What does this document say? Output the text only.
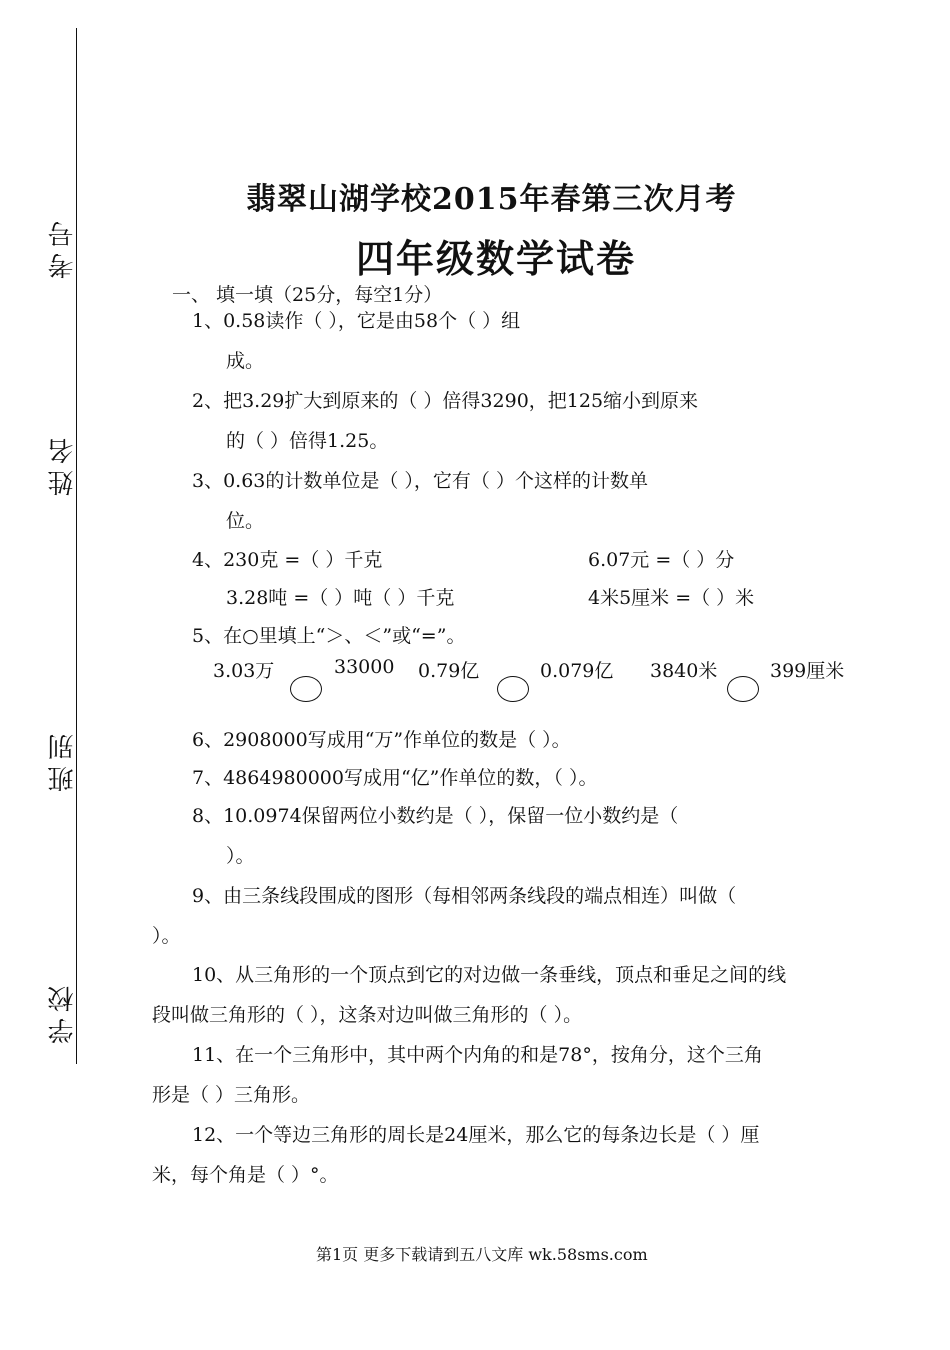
考号
姓名
班别
学校
翡翠山湖学校2015年春第三次月考
四年级数学试卷
一、 填一填（25分，每空1分）
1、0.58读作（ ），它是由58个（ ）组
成。
2、把3.29扩大到原来的（ ）倍得3290，把125缩小到原来
的（ ）倍得1.25。
3、0.63的计数单位是（ ），它有（ ）个这样的计数单
位。
4、230克 =（ ）千克	6.07元 =（ ）分
3.28吨 =（ ）吨（ ）千克	4米5厘米 =（ ）米
5、在○里填上“＞、＜”或“=”。
3.03万	33000 0.79亿	0.079亿 3840米	399厘米
6、2908000写成用“万”作单位的数是（ ）。
7、4864980000写成用“亿”作单位的数，（ ）。
8、10.0974保留两位小数约是（ ），保留一位小数约是（
）。
9、由三条线段围成的图形（每相邻两条线段的端点相连）叫做（
）。
10、从三角形的一个顶点到它的对边做一条垂线，顶点和垂足之间的线
段叫做三角形的（ ），这条对边叫做三角形的（ ）。
11、在一个三角形中，其中两个内角的和是78°，按角分，这个三角
形是（ ）三角形。
12、一个等边三角形的周长是24厘米，那么它的每条边长是（ ）厘
米，每个角是（ ）°。
第1页 更多下载请到五八文库 wk.58sms.com
